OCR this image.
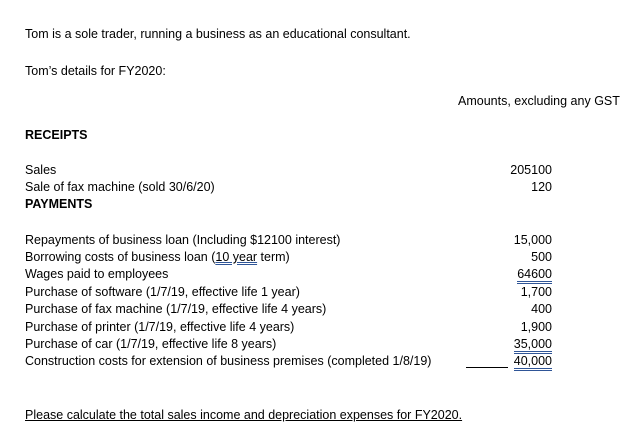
Tom is a sole trader, running a business as an educational consultant.
Tom’s details for FY2020:
Amounts, excluding any GST
RECEIPTS
Sales	205100
Sale of fax machine (sold 30/6/20)	120
PAYMENTS
Repayments of business loan (Including $12100 interest)	15,000
Borrowing costs of business loan (10 year term)	500
Wages paid to employees	64600
Purchase of software (1/7/19, effective life 1 year)	1,700
Purchase of fax machine (1/7/19, effective life 4 years)	400
Purchase of printer (1/7/19, effective life 4 years)	1,900
Purchase of car (1/7/19, effective life 8 years)	35,000
Construction costs for extension of business premises (completed 1/8/19)	40,000
Please calculate the total sales income and depreciation expenses for FY2020.
